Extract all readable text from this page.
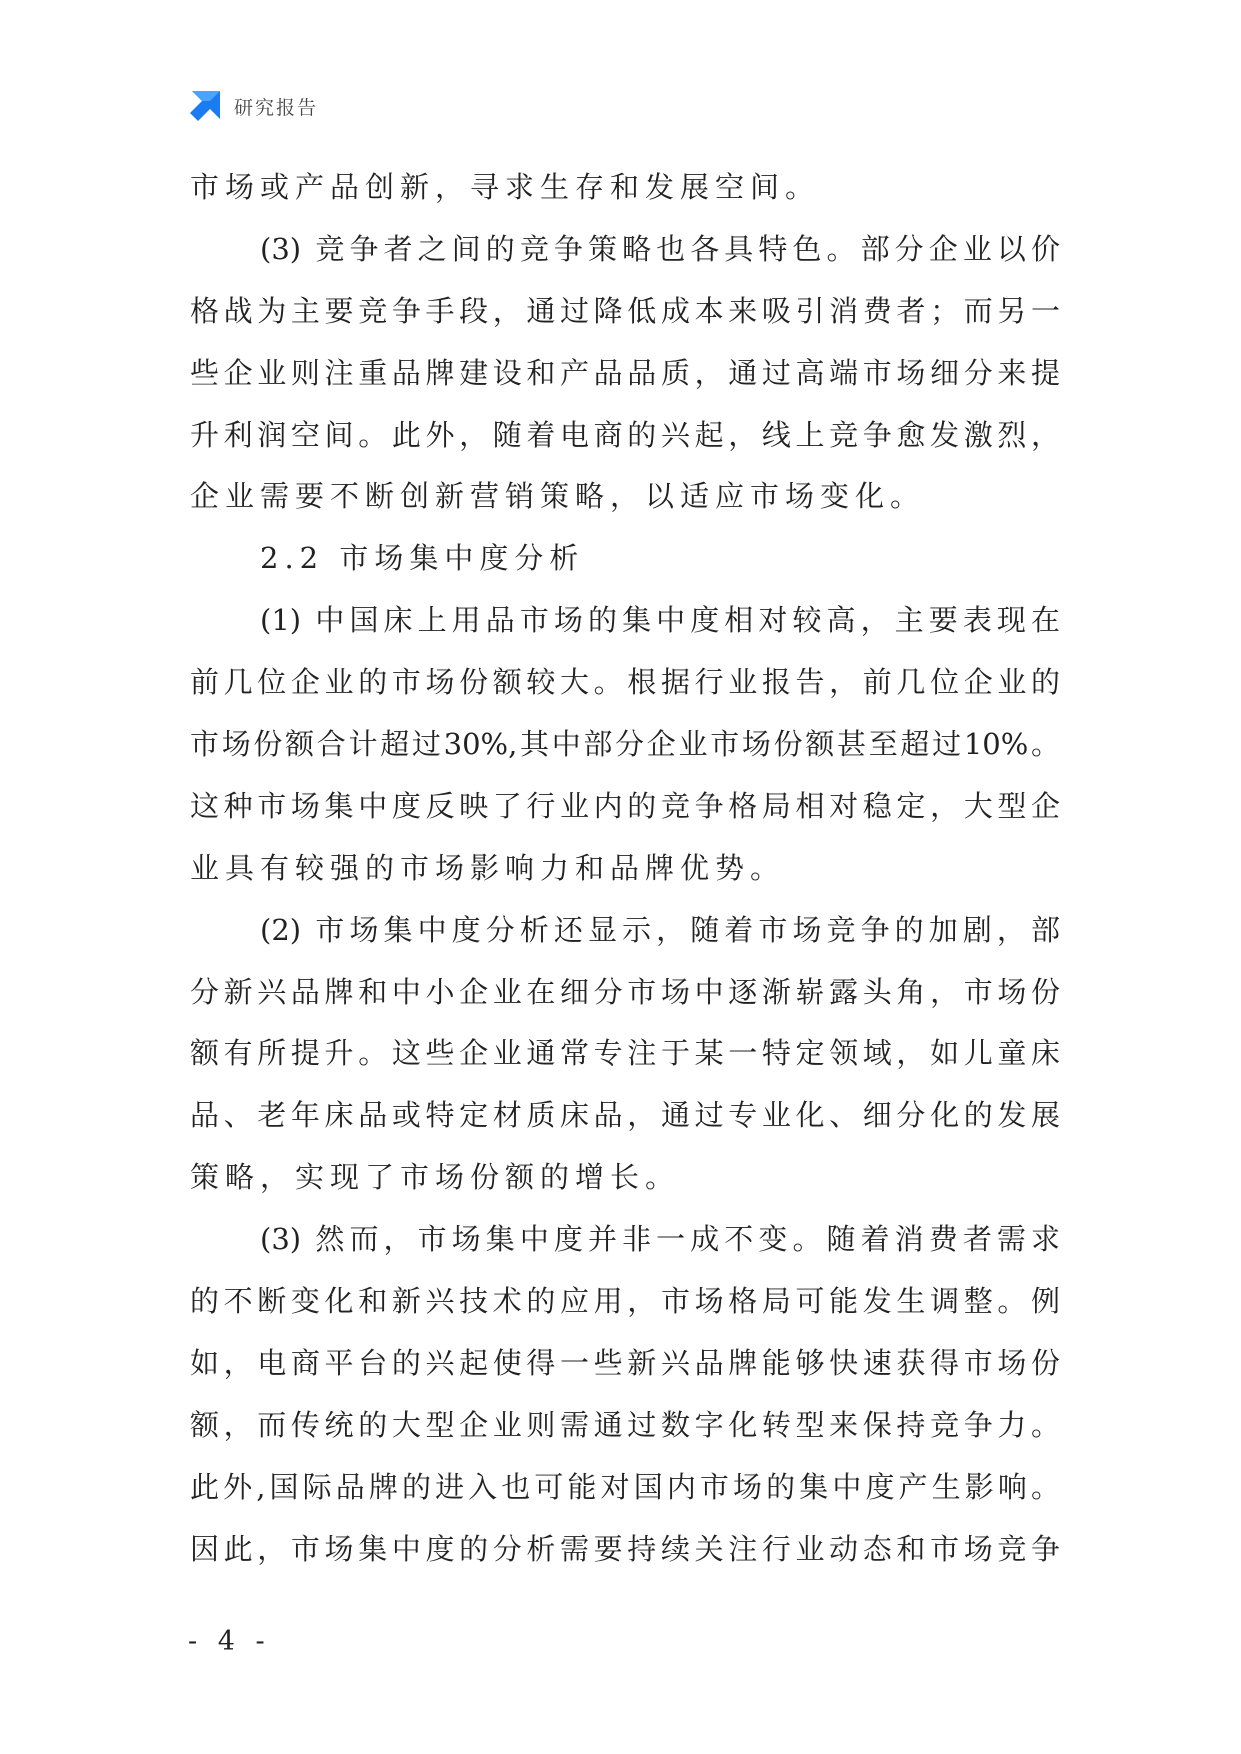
研究报告
市场或产品创新，寻求生存和发展空间。
(3) 竞争者之间的竞争策略也各具特色。部分企业以价
格战为主要竞争手段，通过降低成本来吸引消费者；而另一
些企业则注重品牌建设和产品品质，通过高端市场细分来提
升利润空间。此外，随着电商的兴起，线上竞争愈发激烈，
企业需要不断创新营销策略，以适应市场变化。
2.2 市场集中度分析
(1) 中国床上用品市场的集中度相对较高，主要表现在
前几位企业的市场份额较大。根据行业报告，前几位企业的
市场份额合计超过30%,其中部分企业市场份额甚至超过10%。
这种市场集中度反映了行业内的竞争格局相对稳定，大型企
业具有较强的市场影响力和品牌优势。
(2) 市场集中度分析还显示，随着市场竞争的加剧，部
分新兴品牌和中小企业在细分市场中逐渐崭露头角，市场份
额有所提升。这些企业通常专注于某一特定领域，如儿童床
品、老年床品或特定材质床品，通过专业化、细分化的发展
策略，实现了市场份额的增长。
(3) 然而，市场集中度并非一成不变。随着消费者需求
的不断变化和新兴技术的应用，市场格局可能发生调整。例
如，电商平台的兴起使得一些新兴品牌能够快速获得市场份
额，而传统的大型企业则需通过数字化转型来保持竞争力。
此外,国际品牌的进入也可能对国内市场的集中度产生影响。
因此，市场集中度的分析需要持续关注行业动态和市场竞争
- 4 -
